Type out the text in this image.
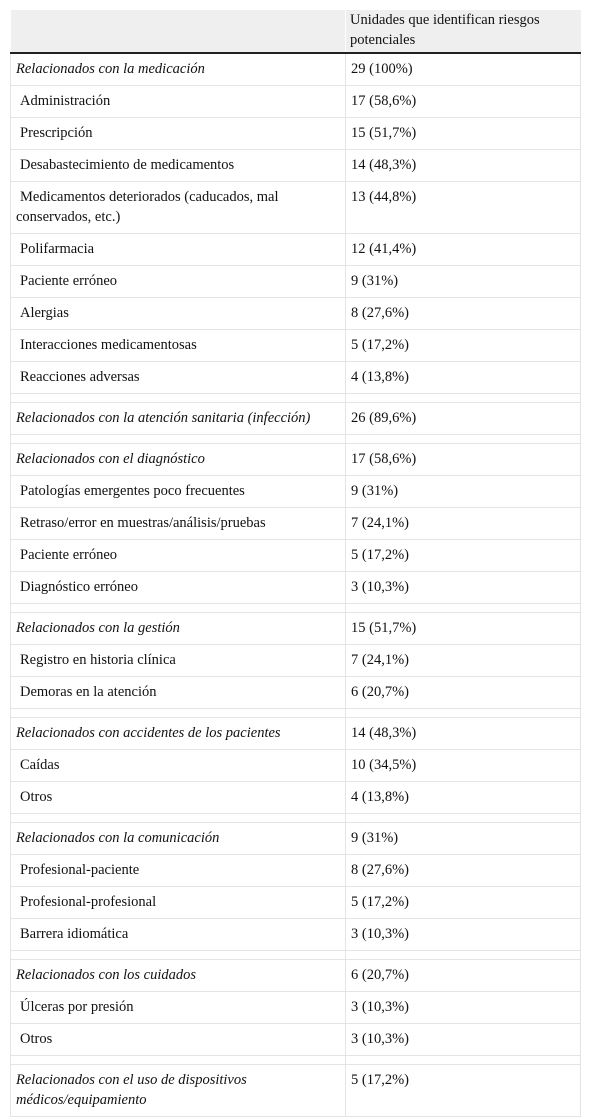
	Unidades que identifican riesgos potenciales
Relacionados con la medicación	29 (100%)
Administración	17 (58,6%)
Prescripción	15 (51,7%)
Desabastecimiento de medicamentos	14 (48,3%)
Medicamentos deteriorados (caducados, mal conservados, etc.)	13 (44,8%)
Polifarmacia	12 (41,4%)
Paciente erróneo	9 (31%)
Alergias	8 (27,6%)
Interacciones medicamentosas	5 (17,2%)
Reacciones adversas	4 (13,8%)

Relacionados con la atención sanitaria (infección)	26 (89,6%)

Relacionados con el diagnóstico	17 (58,6%)
Patologías emergentes poco frecuentes	9 (31%)
Retraso/error en muestras/análisis/pruebas	7 (24,1%)
Paciente erróneo	5 (17,2%)
Diagnóstico erróneo	3 (10,3%)

Relacionados con la gestión	15 (51,7%)
Registro en historia clínica	7 (24,1%)
Demoras en la atención	6 (20,7%)

Relacionados con accidentes de los pacientes	14 (48,3%)
Caídas	10 (34,5%)
Otros	4 (13,8%)

Relacionados con la comunicación	9 (31%)
Profesional-paciente	8 (27,6%)
Profesional-profesional	5 (17,2%)
Barrera idiomática	3 (10,3%)

Relacionados con los cuidados	6 (20,7%)
Úlceras por presión	3 (10,3%)
Otros	3 (10,3%)

Relacionados con el uso de dispositivos médicos/equipamiento	5 (17,2%)
